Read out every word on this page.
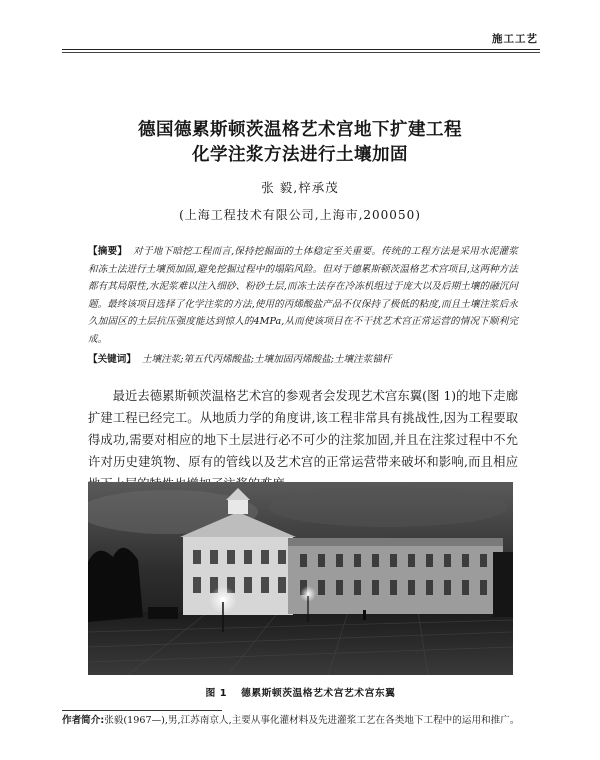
施工工艺
德国德累斯顿茨温格艺术宫地下扩建工程
化学注浆方法进行土壤加固
张 毅,梓承茂
(上海工程技术有限公司,上海市,200050)
【摘要】 对于地下暗挖工程而言,保持挖掘面的土体稳定至关重要。传统的工程方法是采用水泥灌浆和冻土法进行土壤预加固,避免挖掘过程中的塌陷风险。但对于德累斯顿茨温格艺术宫项目,这两种方法都有其局限性,水泥浆难以注入细砂、粉砂土层,而冻土法存在冷冻机组过于庞大以及后期土壤的融沉问题。最终该项目选择了化学注浆的方法,使用的丙烯酸盐产品不仅保持了极低的粘度,而且土壤注浆后永久加固区的土层抗压强度能达到惊人的4MPa,从而使该项目在不干扰艺术宫正常运营的情况下顺利完成。
【关键词】 土壤注浆;第五代丙烯酸盐;土壤加固丙烯酸盐;土壤注浆锚杆
最近去德累斯顿茨温格艺术宫的参观者会发现艺术宫东翼(图 1)的地下走廊扩建工程已经完工。从地质力学的角度讲,该工程非常具有挑战性,因为工程要取得成功,需要对相应的地下土层进行必不可少的注浆加固,并且在注浆过程中不允许对历史建筑物、原有的管线以及艺术宫的正常运营带来破坏和影响,而且相应
图 1 德累斯顿茨温格艺术宫艺术宫东翼
作者简介:张毅(1967—),男,江苏南京人,主要从事化灌材料及先进灌浆工艺在各类地下工程中的运用和推广。
